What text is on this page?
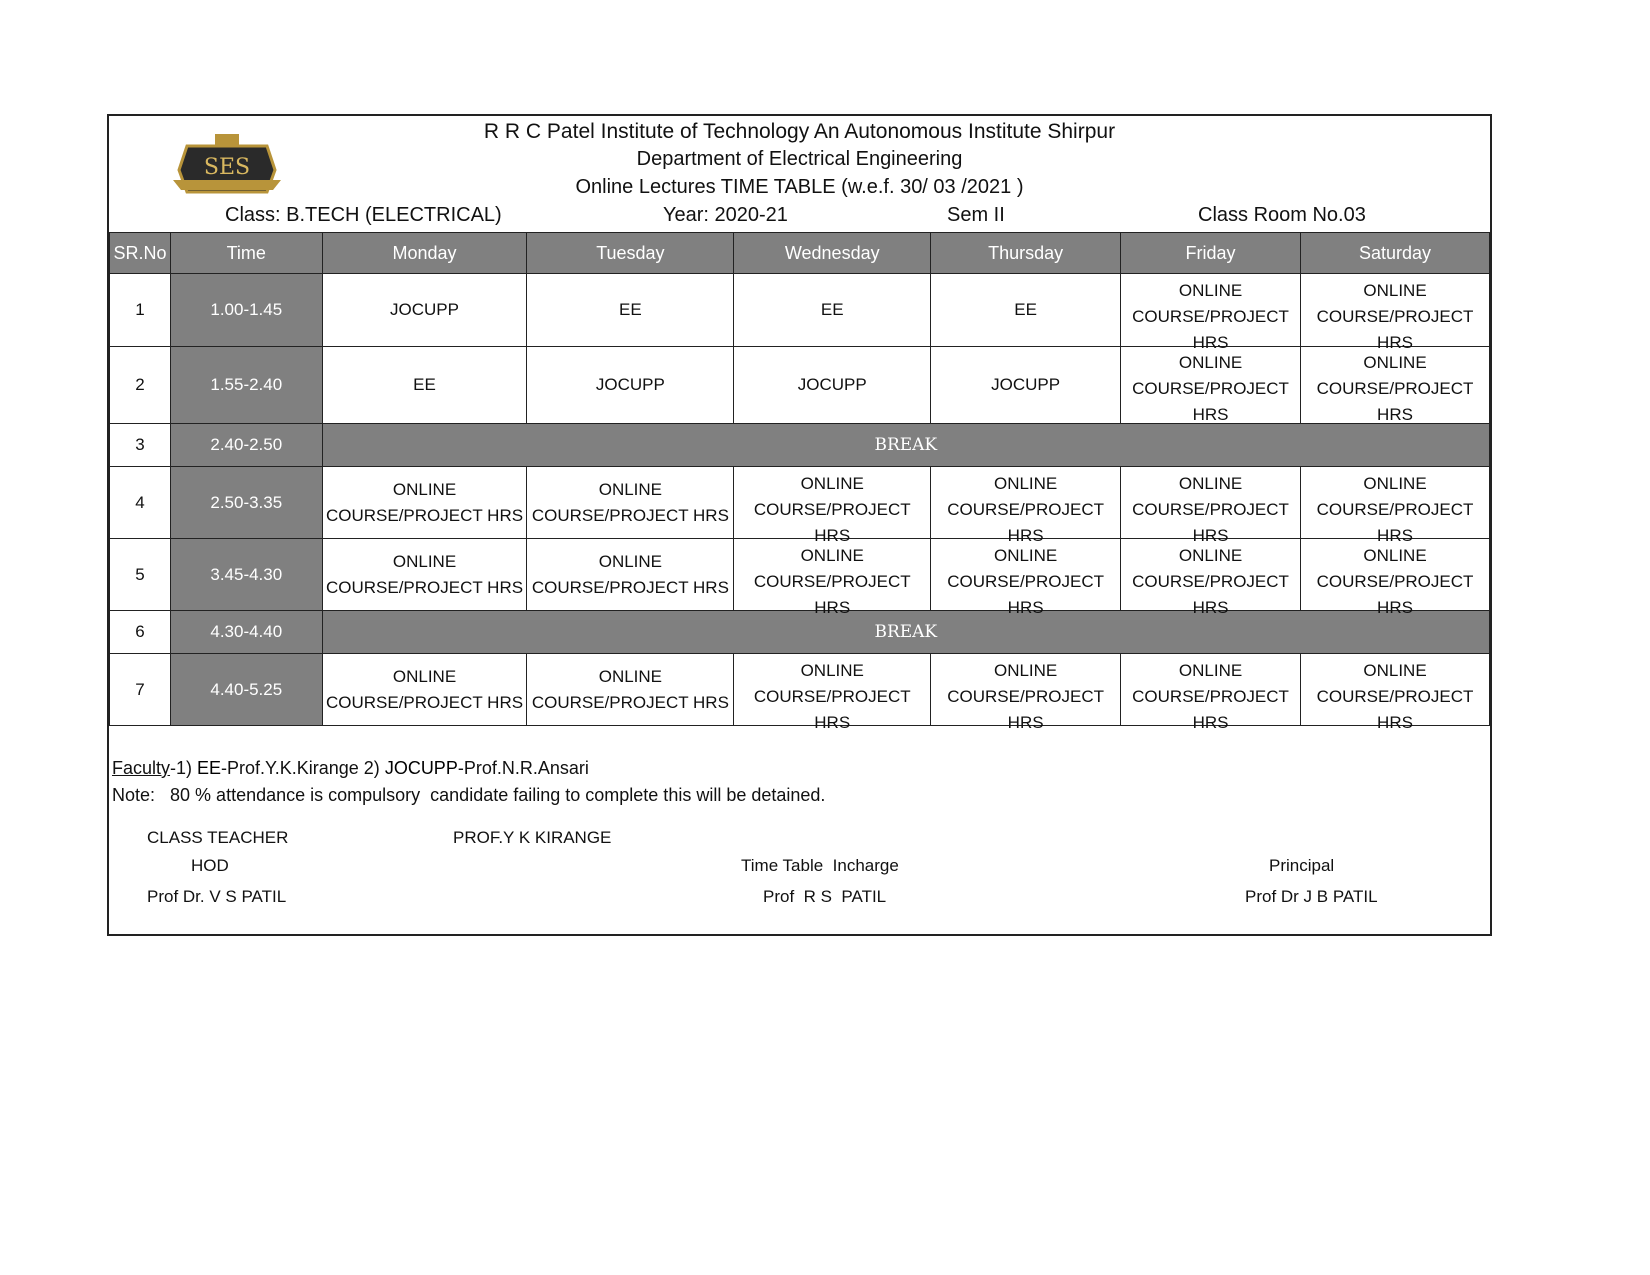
SES
R R C Patel Institute of Technology An Autonomous Institute Shirpur
Department of Electrical Engineering
Online Lectures TIME TABLE (w.e.f. 30/ 03 /2021 )
Class: B.TECH (ELECTRICAL)	Year: 2020-21	Sem II	Class Room No.03
SR.No	Time	Monday	Tuesday	Wednesday	Thursday	Friday	Saturday
1	1.00-1.45	JOCUPP	EE	EE	EE	ONLINE COURSE/PROJECT HRS	ONLINE COURSE/PROJECT HRS

2	1.55-2.40	EE	JOCUPP	JOCUPP	JOCUPP	ONLINE COURSE/PROJECT HRS	ONLINE COURSE/PROJECT HRS

3	2.40-2.50	BREAK					
4	2.50-3.35	ONLINE COURSE/PROJECT HRS	ONLINE COURSE/PROJECT HRS	ONLINE COURSE/PROJECT HRS	ONLINE COURSE/PROJECT HRS	ONLINE COURSE/PROJECT HRS	ONLINE COURSE/PROJECT HRS

5	3.45-4.30	ONLINE COURSE/PROJECT HRS	ONLINE COURSE/PROJECT HRS	ONLINE COURSE/PROJECT HRS	ONLINE COURSE/PROJECT HRS	ONLINE COURSE/PROJECT HRS	ONLINE COURSE/PROJECT HRS

6	4.30-4.40	BREAK					
7	4.40-5.25	ONLINE COURSE/PROJECT HRS	ONLINE COURSE/PROJECT HRS	ONLINE COURSE/PROJECT HRS	ONLINE COURSE/PROJECT HRS	ONLINE COURSE/PROJECT HRS	ONLINE COURSE/PROJECT HRS
Faculty-1) EE-Prof.Y.K.Kirange 2) JOCUPP-Prof.N.R.Ansari
Note:   80 % attendance is compulsory  candidate failing to complete this will be detained.
CLASS TEACHER	PROF.Y K KIRANGE
HOD
Prof Dr. V S PATIL
Time Table  Incharge
Prof  R S  PATIL
Principal
Prof Dr J B PATIL
